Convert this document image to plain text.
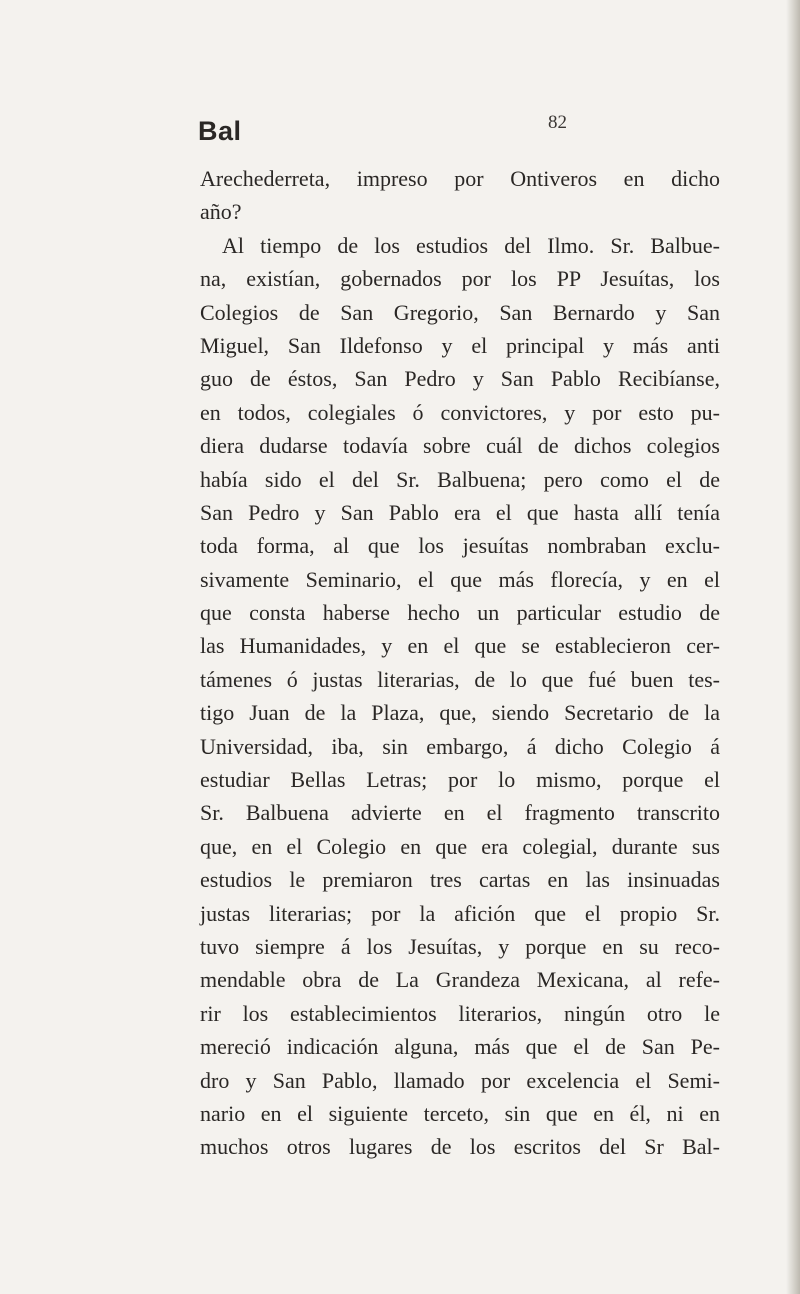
Bal	82
Arechederreta, impreso por Ontiveros en dicho
año?
Al tiempo de los estudios del Ilmo. Sr. Balbue-
na, existían, gobernados por los PP Jesuítas, los
Colegios de San Gregorio, San Bernardo y San
Miguel, San Ildefonso y el principal y más anti
guo de éstos, San Pedro y San Pablo Recibíanse,
en todos, colegiales ó convictores, y por esto pu-
diera dudarse todavía sobre cuál de dichos colegios
había sido el del Sr. Balbuena; pero como el de
San Pedro y San Pablo era el que hasta allí tenía
toda forma, al que los jesuítas nombraban exclu-
sivamente Seminario, el que más florecía, y en el
que consta haberse hecho un particular estudio de
las Humanidades, y en el que se establecieron cer-
támenes ó justas literarias, de lo que fué buen tes-
tigo Juan de la Plaza, que, siendo Secretario de la
Universidad, iba, sin embargo, á dicho Colegio á
estudiar Bellas Letras; por lo mismo, porque el
Sr. Balbuena advierte en el fragmento transcrito
que, en el Colegio en que era colegial, durante sus
estudios le premiaron tres cartas en las insinuadas
justas literarias; por la afición que el propio Sr.
tuvo siempre á los Jesuítas, y porque en su reco-
mendable obra de La Grandeza Mexicana, al refe-
rir los establecimientos literarios, ningún otro le
mereció indicación alguna, más que el de San Pe-
dro y San Pablo, llamado por excelencia el Semi-
nario en el siguiente terceto, sin que en él, ni en
muchos otros lugares de los escritos del Sr Bal-
